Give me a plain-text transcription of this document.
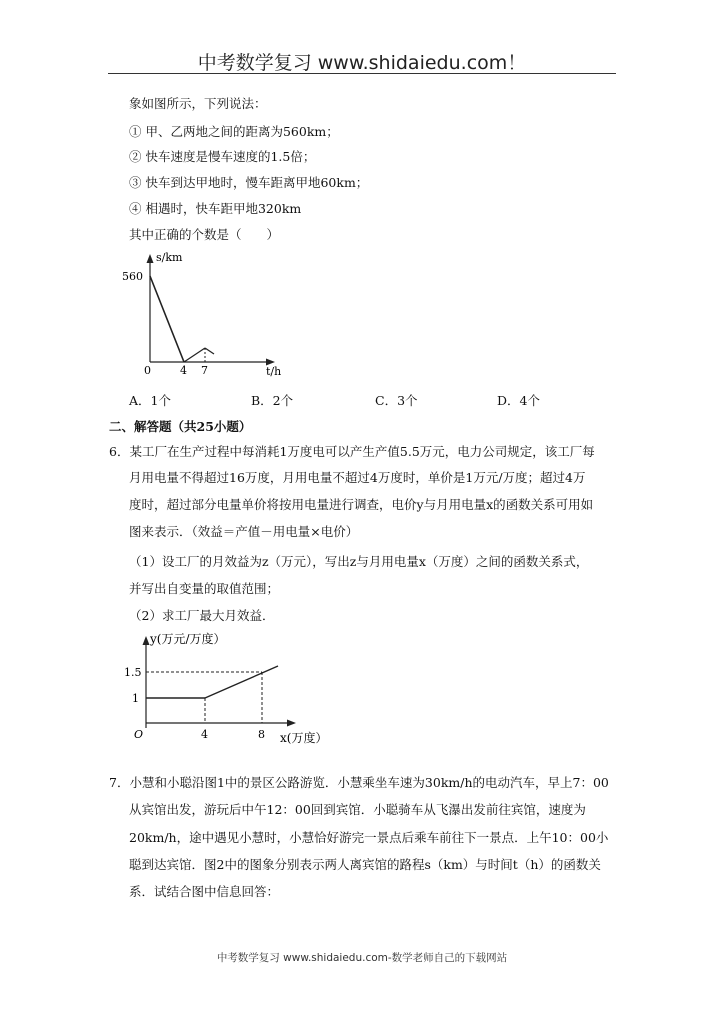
中考数学复习 www.shidaiedu.com！
象如图所示，下列说法：
① 甲、乙两地之间的距离为560km；
② 快车速度是慢车速度的1.5倍；
③ 快车到达甲地时，慢车距离甲地60km；
④ 相遇时，快车距甲地320km
其中正确的个数是（　　）
s/km
560
0	4 7	t/h
A．1个	B．2个	C．3个	D．4个
二、解答题（共25小题）
6．某工厂在生产过程中每消耗1万度电可以产生产值5.5万元，电力公司规定，该工厂每
月用电量不得超过16万度，月用电量不超过4万度时，单价是1万元/万度；超过4万
度时，超过部分电量单价将按用电量进行调查，电价y与月用电量x的函数关系可用如
图来表示．（效益＝产值－用电量×电价）
（1）设工厂的月效益为z（万元），写出z与月用电量x（万度）之间的函数关系式，
并写出自变量的取值范围；
（2）求工厂最大月效益．
y(万元/万度）
1.5
1
O	4	8 x(万度）
7．小慧和小聪沿图1中的景区公路游览．小慧乘坐车速为30km/h的电动汽车，早上7：00
从宾馆出发，游玩后中午12：00回到宾馆．小聪骑车从飞瀑出发前往宾馆，速度为
20km/h，途中遇见小慧时，小慧恰好游完一景点后乘车前往下一景点．上午10：00小
聪到达宾馆．图2中的图象分别表示两人离宾馆的路程s（km）与时间t（h）的函数关
系．试结合图中信息回答：
中考数学复习 www.shidaiedu.com-数学老师自己的下载网站
